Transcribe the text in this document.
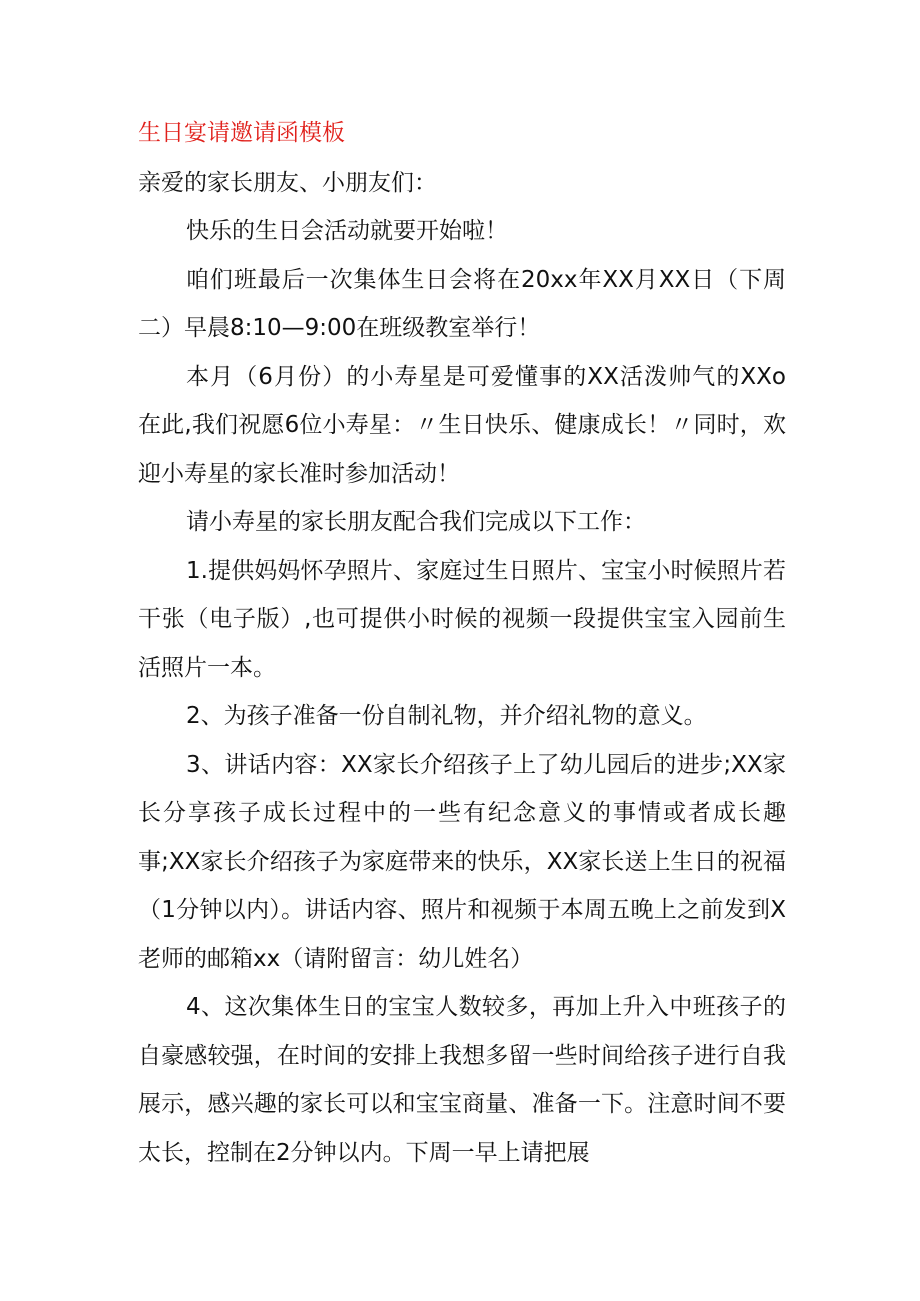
生日宴请邀请函模板
亲爱的家长朋友、小朋友们：
快乐的生日会活动就要开始啦！
咱们班最后一次集体生日会将在20xx年XX月XX日（下周
二）早晨8:10—9:00在班级教室举行！
本月（6月份）的小寿星是可爱懂事的XX活泼帅气的XXo
在此,我们祝愿6位小寿星：〃生日快乐、健康成长！〃同时，欢
迎小寿星的家长准时参加活动！
请小寿星的家长朋友配合我们完成以下工作：
1.提供妈妈怀孕照片、家庭过生日照片、宝宝小时候照片若
干张（电子版）,也可提供小时候的视频一段提供宝宝入园前生
活照片一本。
2、为孩子准备一份自制礼物，并介绍礼物的意义。
3、讲话内容：XX家长介绍孩子上了幼儿园后的进步;XX家
长分享孩子成长过程中的一些有纪念意义的事情或者成长趣
事;XX家长介绍孩子为家庭带来的快乐，XX家长送上生日的祝福
（1分钟以内）。讲话内容、照片和视频于本周五晚上之前发到X
老师的邮箱xx（请附留言：幼儿姓名）
4、这次集体生日的宝宝人数较多，再加上升入中班孩子的
自豪感较强，在时间的安排上我想多留一些时间给孩子进行自我
展示，感兴趣的家长可以和宝宝商量、准备一下。注意时间不要
太长，控制在2分钟以内。下周一早上请把展
